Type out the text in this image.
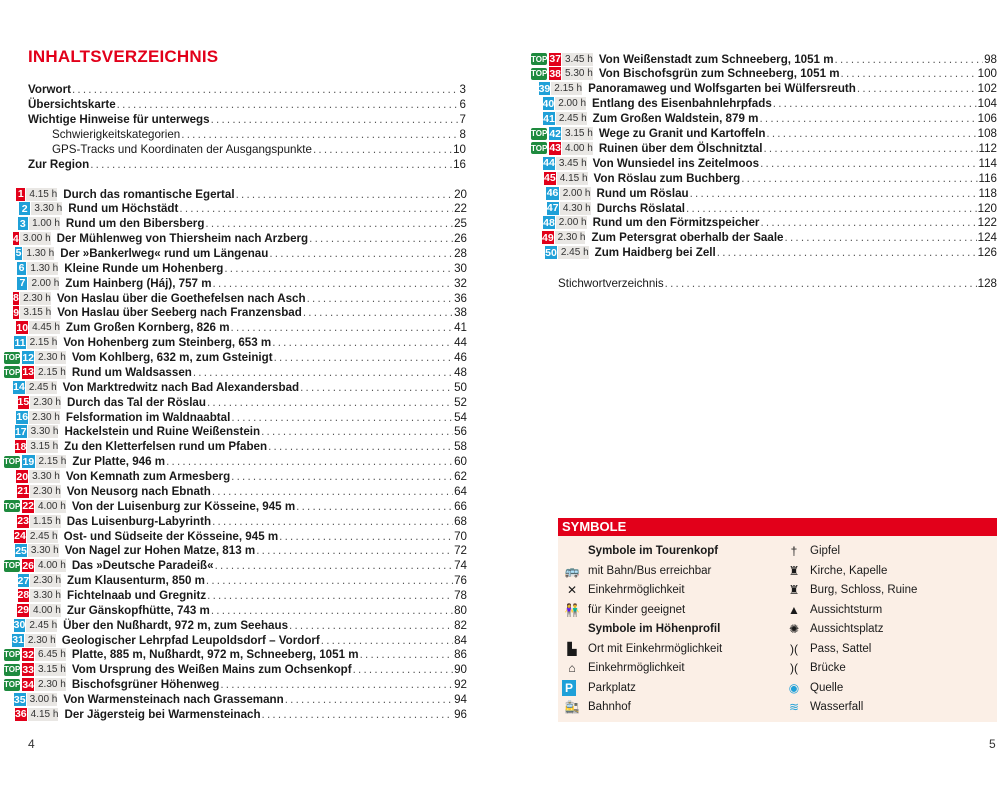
INHALTSVERZEICHNIS
Vorwort . . .	3
Übersichtskarte . . .	6
Wichtige Hinweise für unterwegs . . .	7
Schwierigkeitskategorien . . .	8
GPS-Tracks und Koordinaten der Ausgangspunkte . . .	10
Zur Region . . .	16
1 4.15 h Durch das romantische Egertal . . .	20
2 3.30 h Rund um Höchstädt . . .	22
3 1.00 h Rund um den Bibersberg . . .	25
4 3.00 h Der Mühlenweg von Thiersheim nach Arzberg . . .	26
5 1.30 h Der »Bankerlweg« rund um Längenau . . .	28
6 1.30 h Kleine Runde um Hohenberg . . .	30
7 2.00 h Zum Hainberg (Háj), 757 m . . .	32
8 2.30 h Von Haslau über die Goethefelsen nach Asch . . .	36
9 3.15 h Von Haslau über Seeberg nach Franzensbad . . .	38
10 4.45 h Zum Großen Kornberg, 826 m . . .	41
11 2.15 h Von Hohenberg zum Steinberg, 653 m . . .	44
TOP 12 2.30 h Vom Kohlberg, 632 m, zum Gsteinigt . . .	46
TOP 13 2.15 h Rund um Waldsassen . . .	48
14 2.45 h Von Marktredwitz nach Bad Alexandersbad . . .	50
15 2.30 h Durch das Tal der Röslau . . .	52
16 2.30 h Felsformation im Waldnaabtal . . .	54
17 3.30 h Hackelstein und Ruine Weißenstein . . .	56
18 3.15 h Zu den Kletterfelsen rund um Pfaben . . .	58
TOP 19 2.15 h Zur Platte, 946 m . . .	60
20 3.30 h Von Kemnath zum Armesberg . . .	62
21 2.30 h Von Neusorg nach Ebnath . . .	64
TOP 22 4.00 h Von der Luisenburg zur Kösseine, 945 m . . .	66
23 1.15 h Das Luisenburg-Labyrinth . . .	68
24 2.45 h Ost- und Südseite der Kösseine, 945 m . . .	70
25 3.30 h Von Nagel zur Hohen Matze, 813 m . . .	72
TOP 26 4.00 h Das »Deutsche Paradeiß« . . .	74
27 2.30 h Zum Klausenturm, 850 m . . .	76
28 3.30 h Fichtelnaab und Gregnitz . . .	78
29 4.00 h Zur Gänskopfhütte, 743 m . . .	80
30 2.45 h Über den Nußhardt, 972 m, zum Seehaus . . .	82
31 2.30 h Geologischer Lehrpfad Leupoldsdorf – Vordorf . . .	84
TOP 32 6.45 h Platte, 885 m, Nußhardt, 972 m, Schneeberg, 1051 m . . .	86
TOP 33 3.15 h Vom Ursprung des Weißen Mains zum Ochsenkopf . . .	90
TOP 34 2.30 h Bischofsgrüner Höhenweg . . .	92
35 3.00 h Von Warmensteinach nach Grassemann . . .	94
36 4.15 h Der Jägersteig bei Warmensteinach . . .	96
4
TOP 37 3.45 h Von Weißenstadt zum Schneeberg, 1051 m . . .	98
TOP 38 5.30 h Von Bischofsgrün zum Schneeberg, 1051 m . . .	100
39 2.15 h Panoramaweg und Wolfsgarten bei Wülfersreuth . . .	102
40 2.00 h Entlang des Eisenbahnlehrpfads . . .	104
41 2.45 h Zum Großen Waldstein, 879 m . . .	106
TOP 42 3.15 h Wege zu Granit und Kartoffeln . . .	108
TOP 43 4.00 h Ruinen über dem Ölschnitztal . . .	112
44 3.45 h Von Wunsiedel ins Zeitelmoos . . .	114
45 4.15 h Von Röslau zum Buchberg . . .	116
46 2.00 h Rund um Röslau . . .	118
47 4.30 h Durchs Röslatal . . .	120
48 2.00 h Rund um den Förmitzspeicher . . .	122
49 2.30 h Zum Petersgrat oberhalb der Saale . . .	124
50 2.45 h Zum Haidberg bei Zell . . .	126
Stichwortverzeichnis . . .	128
5
SYMBOLE
Symbole im Tourenkopf
🚌 mit Bahn/Bus erreichbar
✕ Einkehrmöglichkeit
👫 für Kinder geeignet
Symbole im Höhenprofil
▙ Ort mit Einkehrmöglichkeit
⌂	Einkehrmöglichkeit
P Parkplatz
🚉 Bahnhof
†	Gipfel
♜ Kirche, Kapelle
♜ Burg, Schloss, Ruine
▲ Aussichtsturm
✺ Aussichtsplatz
)(	Pass, Sattel
)(	Brücke
◉ Quelle
≋ Wasserfall
